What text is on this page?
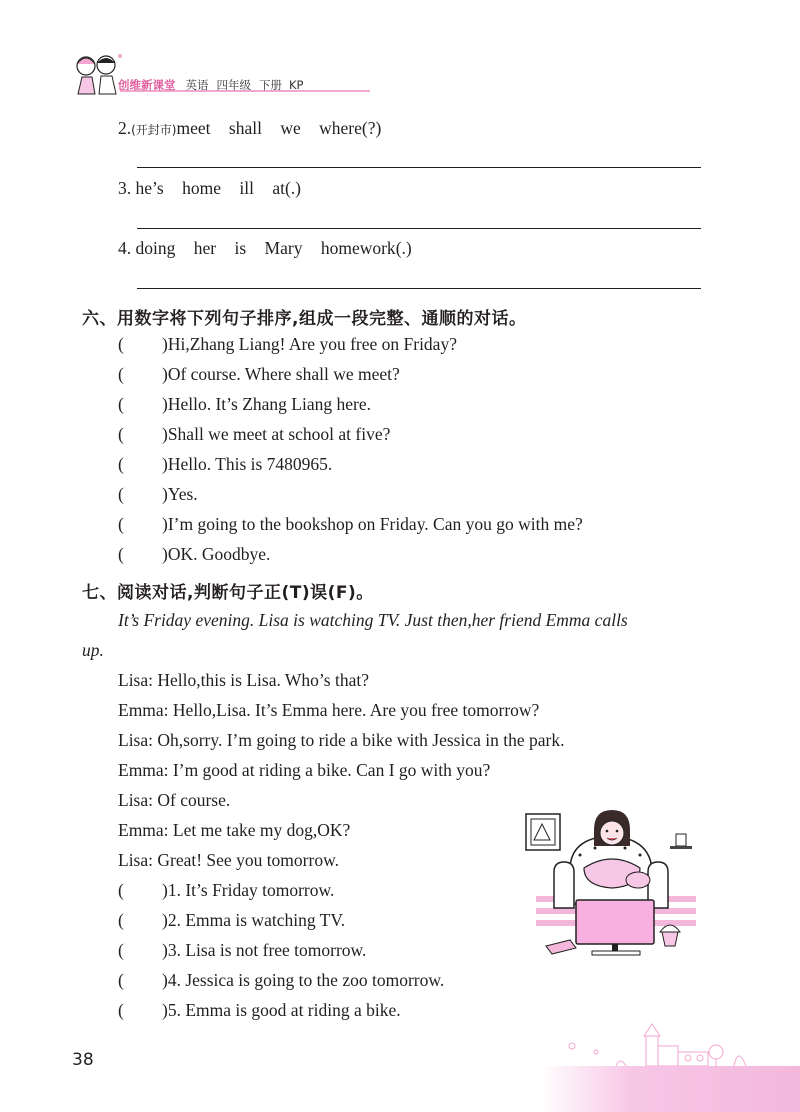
创维新课堂 英语 四年级 下册 KP
2.(开封市)meet shall we where(?)
3. he’s home ill at(.)
4. doing her is Mary homework(.)
六、用数字将下列句子排序,组成一段完整、通顺的对话。
( )Hi,Zhang Liang! Are you free on Friday?
( )Of course. Where shall we meet?
( )Hello. It’s Zhang Liang here.
( )Shall we meet at school at five?
( )Hello. This is 7480965.
( )Yes.
( )I’m going to the bookshop on Friday. Can you go with me?
( )OK. Goodbye.
七、阅读对话,判断句子正(T)误(F)。
It’s Friday evening. Lisa is watching TV. Just then,her friend Emma calls
up.
Lisa: Hello,this is Lisa. Who’s that?
Emma: Hello,Lisa. It’s Emma here. Are you free tomorrow?
Lisa: Oh,sorry. I’m going to ride a bike with Jessica in the park.
Emma: I’m good at riding a bike. Can I go with you?
Lisa: Of course.
Emma: Let me take my dog,OK?
Lisa: Great! See you tomorrow.
( )1. It’s Friday tomorrow.
( )2. Emma is watching TV.
( )3. Lisa is not free tomorrow.
( )4. Jessica is going to the zoo tomorrow.
( )5. Emma is good at riding a bike.
38
